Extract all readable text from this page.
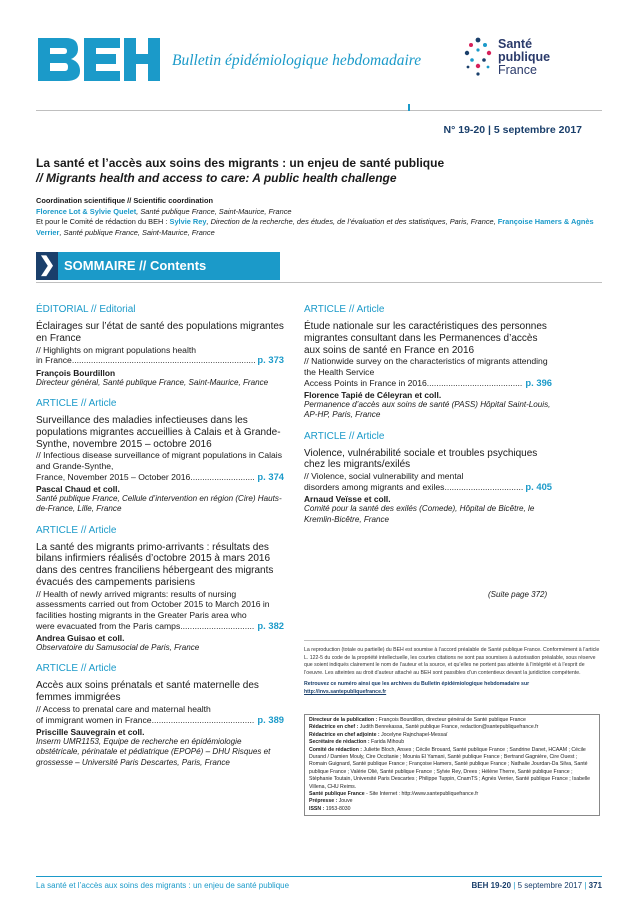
Bulletin épidémiologique hebdomadaire
Santé
publique
France
N° 19-20 | 5 septembre 2017
La santé et l’accès aux soins des migrants : un enjeu de santé publique
// Migrants health and access to care: A public health challenge
Coordination scientifique // Scientific coordination
Florence Lot & Sylvie Quelet, Santé publique France, Saint-Maurice, France
Et pour le Comité de rédaction du BEH : Sylvie Rey, Direction de la recherche, des études, de l’évaluation et des statistiques, Paris, France, Françoise Hamers & Agnès Verrier, Santé publique France, Saint-Maurice, France
❯ SOMMAIRE // Contents
ÉDITORIAL // Editorial
Éclairages sur l’état de santé des populations migrantes en France
// Highlights on migrant populations health
in France .....	p. 373
François Bourdillon
Directeur général, Santé publique France, Saint-Maurice, France
ARTICLE // Article
Surveillance des maladies infectieuses dans les populations migrantes accueillies à Calais et à Grande-Synthe, novembre 2015 – octobre 2016
// Infectious disease surveillance of migrant populations in Calais and Grande-Synthe,
France, November 2015 – October 2016 .....	p. 374
Pascal Chaud et coll.
Santé publique France, Cellule d’intervention en région (Cire) Hauts-de-France, Lille, France
ARTICLE // Article
La santé des migrants primo-arrivants : résultats des bilans infirmiers réalisés d’octobre 2015 à mars 2016 dans des centres franciliens hébergeant des migrants évacués des campements parisiens
// Health of newly arrived migrants: results of nursing assessments carried out from October 2015 to March 2016 in facilities hosting migrants in the Greater Paris area who
were evacuated from the Paris camps .....	p. 382
Andrea Guisao et coll.
Observatoire du Samusocial de Paris, France
ARTICLE // Article
Accès aux soins prénatals et santé maternelle des femmes immigrées
// Access to prenatal care and maternal health
of immigrant women in France .....	p. 389
Priscille Sauvegrain et coll.
Inserm UMR1153, Equipe de recherche en épidémiologie obstétricale, périnatale et pédiatrique (EPOPé) – DHU Risques et grossesse – Université Paris Descartes, Paris, France
ARTICLE // Article
Étude nationale sur les caractéristiques des personnes migrantes consultant dans les Permanences d’accès aux soins de santé en France en 2016
// Nationwide survey on the characteristics of migrants attending the Health Service
Access Points in France in 2016 .....	p. 396
Florence Tapié de Céleyran et coll.
Permanence d’accès aux soins de santé (PASS) Hôpital Saint-Louis, AP-HP, Paris, France
ARTICLE // Article
Violence, vulnérabilité sociale et troubles psychiques chez les migrants/exilés
// Violence, social vulnerability and mental
disorders among migrants and exiles .....	p. 405
Arnaud Veïsse et coll.
Comité pour la santé des exilés (Comede), Hôpital de Bicêtre, le Kremlin-Bicêtre, France
(Suite page 372)
La reproduction (totale ou partielle) du BEH est soumise à l’accord préalable de Santé publique France. Conformément à l’article L. 122-5 du code de la propriété intellectuelle, les courtes citations ne sont pas soumises à autorisation préalable, sous réserve que soient indiqués clairement le nom de l’auteur et la source, et qu’elles ne portent pas atteinte à l’intégrité et à l’esprit de l’oeuvre. Les atteintes au droit d’auteur attaché au BEH sont passibles d’un contentieux devant la juridiction compétente.
Retrouvez ce numéro ainsi que les archives du Bulletin épidémiologique hebdomadaire sur http://invs.santepubliquefrance.fr
Directeur de la publication : François Bourdillon, directeur général de Santé publique France
Rédactrice en chef : Judith Benrekassa, Santé publique France, redaction@santepubliquefrance.fr
Rédactrice en chef adjointe : Jocelyne Rajnchapel-Messaï
Secrétaire de rédaction : Farida Mihoub
Comité de rédaction : Juliette Bloch, Anses ; Cécile Brouard, Santé publique France ; Sandrine Danet, HCAAM ; Cécile Durand / Damien Mouly, Cire Occitanie ; Mounia El Yamani, Santé publique France ; Bertrand Gagnière, Cire Ouest ; Romain Guignard, Santé publique France ; Françoise Hamers, Santé publique France ; Nathalie Jourdan-Da Silva, Santé publique France ; Valérie Olié, Santé publique France ; Sylvie Rey, Drees ; Hélène Therre, Santé publique France ; Stéphanie Toutain, Université Paris Descartes ; Philippe Tuppin, CnamTS ; Agnès Verrier, Santé publique France ; Isabelle Villena, CHU Reims.
Santé publique France - Site Internet : http://www.santepubliquefrance.fr
Prépresse : Jouve
ISSN : 1953-8030
La santé et l’accès aux soins des migrants : un enjeu de santé publique	BEH 19-20 | 5 septembre 2017 | 371
